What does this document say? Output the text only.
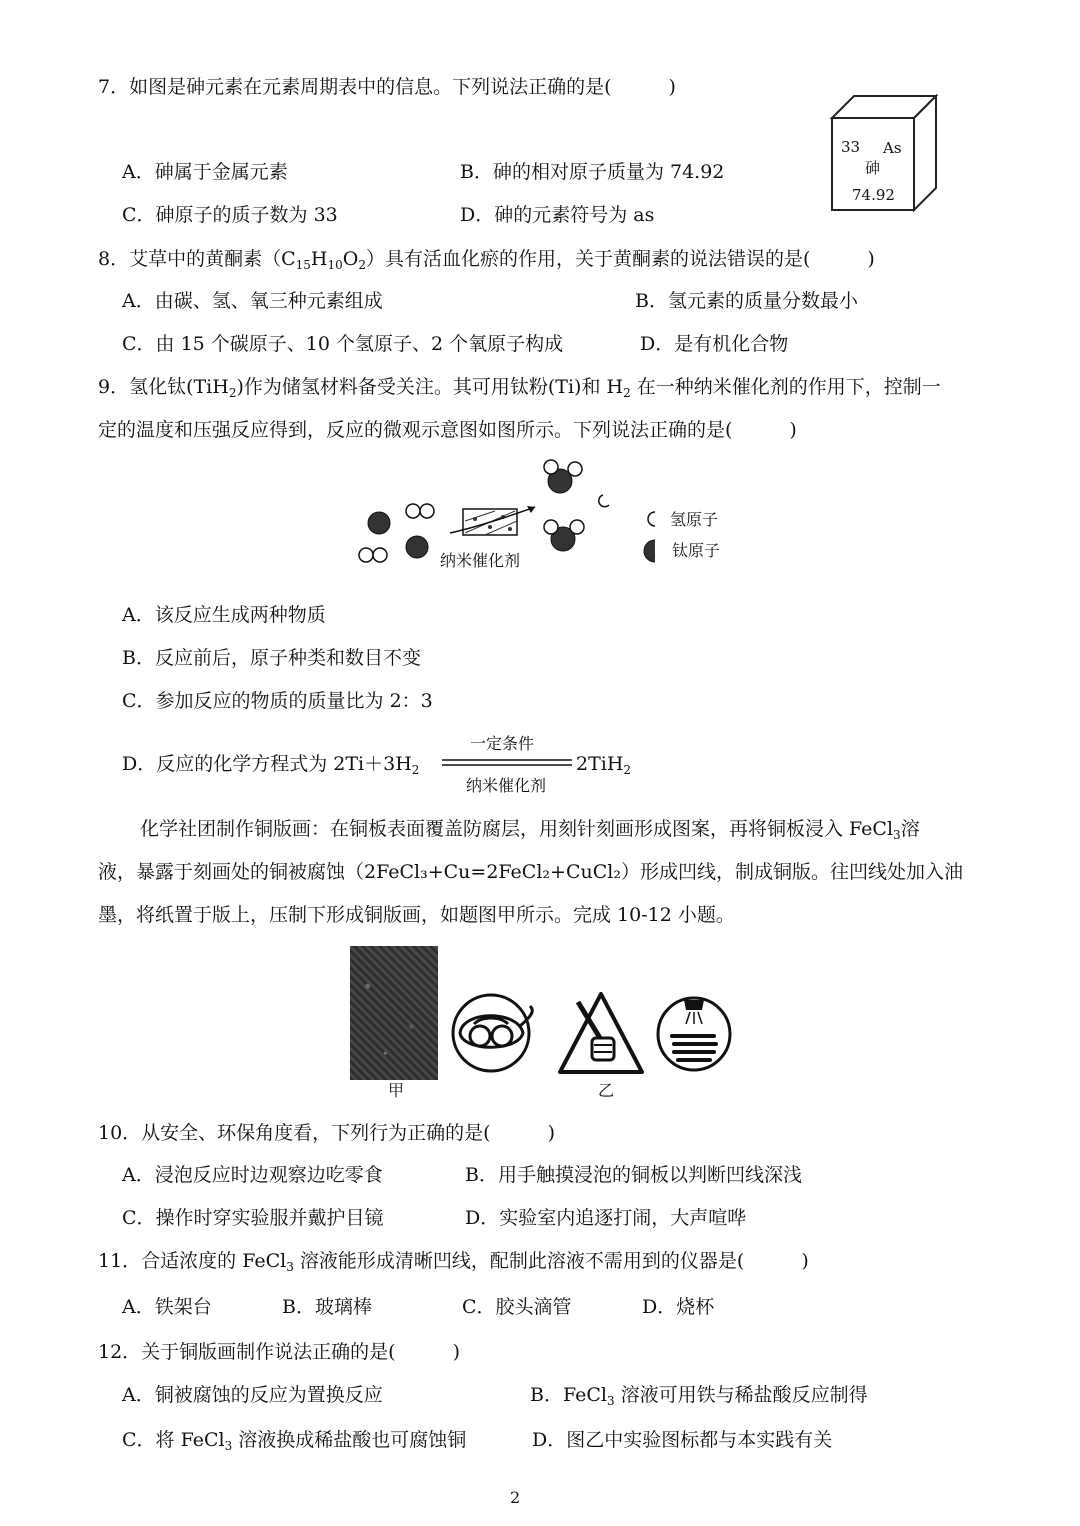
7．如图是砷元素在元素周期表中的信息。下列说法正确的是(　　　)
A．砷属于金属元素	B．砷的相对原子质量为 74.92
C．砷原子的质子数为 33	D．砷的元素符号为 as
33 As
砷
74.92
8．艾草中的黄酮素$(C_{15}H_{10}O_2)$具有活血化瘀的作用，关于黄酮素的说法错误的是(　　　)
A．由碳、氢、氧三种元素组成	B．氢元素的质量分数最小
C．由 15 个碳原子、10 个氢原子、2 个氧原子构成	D．是有机化合物
9．氢化钛(TiH$_2$)作为储氢材料备受关注。其可用钛粉(Ti)和 $H_2$ 在一种纳米催化剂的作用下，控制一
定的温度和压强反应得到，反应的微观示意图如图所示。下列说法正确的是(　　　)
纳米催化剂
氢原子
钛原子
A．该反应生成两种物质
B．反应前后，原子种类和数目不变
C．参加反应的物质的质量比为 2：3
D．反应的化学方程式为 $2Ti+3H_2$
一定条件
纳米催化剂
2TiH$_2$
化学社团制作铜版画：在铜板表面覆盖防腐层，用刻针刻画形成图案，再将铜板浸入 FeCl$_3$溶
液，暴露于刻画处的铜被腐蚀（2FeCl₃+Cu=2FeCl₂+CuCl₂）形成凹线，制成铜版。往凹线处加入油
墨，将纸置于版上，压制下形成铜版画，如题图甲所示。完成 10-12 小题。
甲	乙
10．从安全、环保角度看，下列行为正确的是(　　　)
A．浸泡反应时边观察边吃零食	B．用手触摸浸泡的铜板以判断凹线深浅
C．操作时穿实验服并戴护目镜	D．实验室内追逐打闹，大声喧哗
11．合适浓度的 FeCl$_3$ 溶液能形成清晰凹线，配制此溶液不需用到的仪器是(　　　)
A．铁架台	B．玻璃棒	C．胶头滴管	D．烧杯
12．关于铜版画制作说法正确的是(　　　)
A．铜被腐蚀的反应为置换反应	B．FeCl$_3$ 溶液可用铁与稀盐酸反应制得
C．将 FeCl$_3$ 溶液换成稀盐酸也可腐蚀铜	D．图乙中实验图标都与本实践有关
2
